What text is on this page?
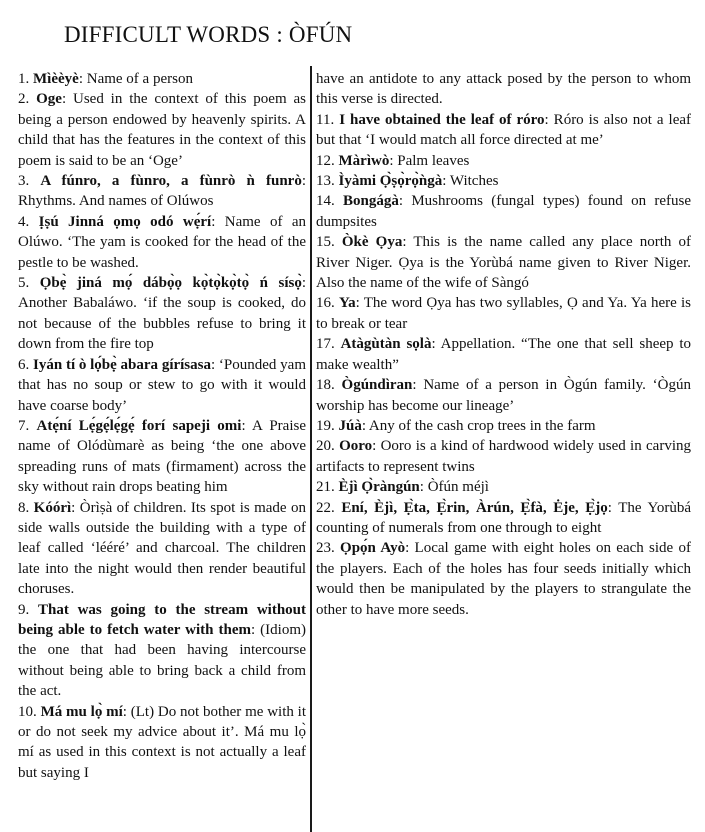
DIFFICULT WORDS : ÒFÚN

1. Mìèèyè: Name of a person

2. Oge: Used in the context of this poem as being a person endowed by heavenly spirits. A child that has the features in the context of this poem is said to be an ‘Oge’

3. A fúnro, a fùnro, a fùnrò ǹ funrò: Rhythms. And names of Olúwos

4. Ịṣú Jinná ọmọ odó wẹ́rí: Name of an Olúwo. ‘The yam is cooked for the head of the pestle to be washed.

5. Ọbẹ̀ jiná mọ́ dábọ̀ọ kọ̀tọ̀kọ̀tọ̀ ń sísọ̀: Another Babaláwo. ‘if the soup is cooked, do not because of the bubbles refuse to bring it down from the fire top

6. Iyán tí ò lọ́bẹ̀ abara gírísasa: ‘Pounded yam that has no soup or stew to go with it would have coarse body’

7. Atẹ́ní Lẹ́gẹ́lẹ́gẹ́ forí sapeji omi: A Praise name of Olódùmarè as being ‘the one above spreading runs of mats (firmament) across the sky without rain drops beating him

8. Kóórì: Òrìṣà of children. Its spot is made on side walls outside the building with a type of leaf called ‘lééré’ and charcoal. The children late into the night would then render beautiful choruses.

9. That was going to the stream without being able to fetch water with them: (Idiom) the one that had been having intercourse without being able to bring back a child from the act.

10. Má mu lọ̀ mí: (Lt) Do not bother me with it or do not seek my advice about it’. Má mu lọ̀ mí as used in this context is not actually a leaf but saying I

have an antidote to any attack posed by the person to whom this verse is directed.

11. I have obtained the leaf of róro: Róro is also not a leaf but that ‘I would match all force directed at me’

12. Màrìwò: Palm leaves

13. Ìyàmi Ọ̀ṣọ̀rọ̀ǹgà: Witches

14. Bongágà: Mushrooms (fungal types) found on refuse dumpsites

15. Òkè Ọya: This is the name called any place north of River Niger. Ọya is the Yorùbá name given to River Niger. Also the name of the wife of Sàngó

16. Ya: The word Ọya has two syllables, Ọ and Ya. Ya here is to break or tear

17. Atàgùtàn sọlà: Appellation. “The one that sell sheep to make wealth”

18. Ògúndìran: Name of a person in Ògún family. ‘Ògún worship has become our lineage’

19. Júà: Any of the cash crop trees in the farm

20. Ooro: Ooro is a kind of hardwood widely used in carving artifacts to represent twins

21. Èjì Ọ̀ràngún: Òfún méjì

22. Ení, Èjì, Ẹ̀ta, Ẹ̀rin, Àrún, Ẹ̀fà, Ėje, Ẹ̀jọ: The Yorùbá counting of numerals from one through to eight

23. Ọpọ́n Ayò: Local game with eight holes on each side of the players. Each of the holes has four seeds initially which would then be manipulated by the players to strangulate the other to have more seeds.
